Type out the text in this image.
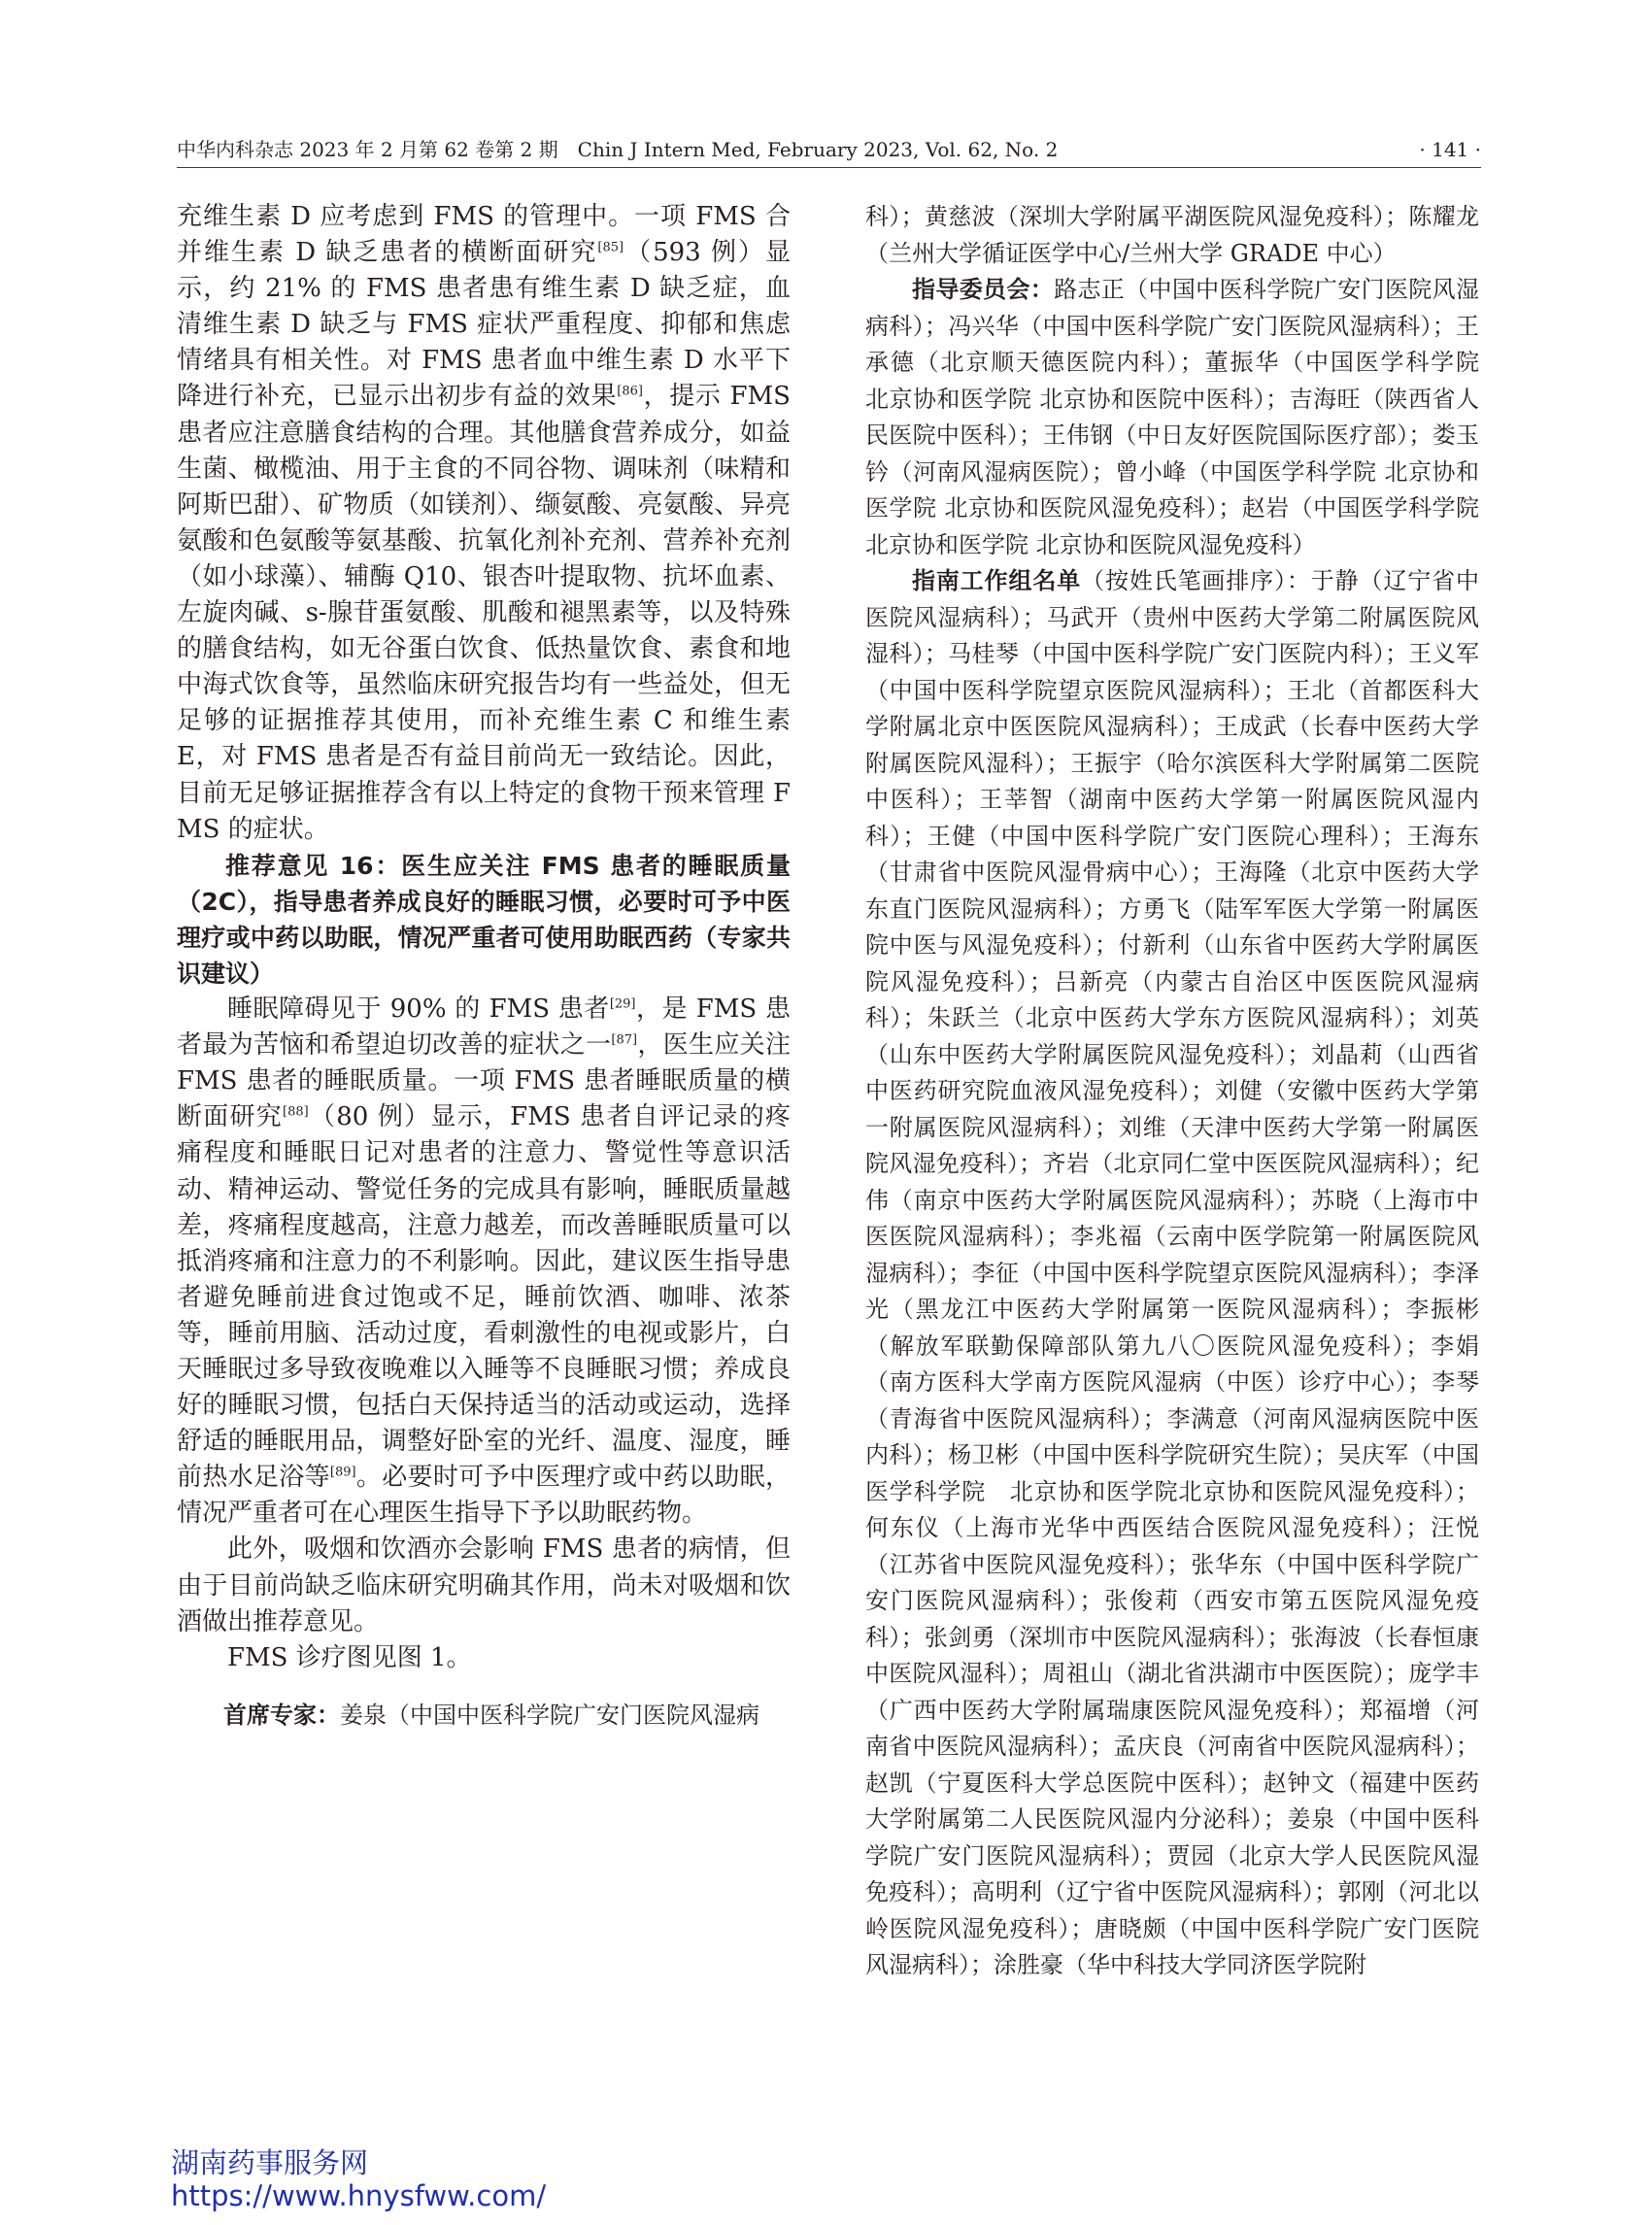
中华内科杂志 2023 年 2 月第 62 卷第 2 期　Chin J Intern Med, February 2023, Vol. 62, No. 2	· 141 ·

充维生素 D 应考虑到 FMS 的管理中。一项 FMS 合并维生素 D 缺乏患者的横断面研究[85]（593 例）显示，约 21% 的 FMS 患者患有维生素 D 缺乏症，血清维生素 D 缺乏与 FMS 症状严重程度、抑郁和焦虑情绪具有相关性。对 FMS 患者血中维生素 D 水平下降进行补充，已显示出初步有益的效果[86]，提示 FMS 患者应注意膳食结构的合理。其他膳食营养成分，如益生菌、橄榄油、用于主食的不同谷物、调味剂（味精和阿斯巴甜）、矿物质（如镁剂）、缬氨酸、亮氨酸、异亮氨酸和色氨酸等氨基酸、抗氧化剂补充剂、营养补充剂（如小球藻）、辅酶 Q10、银杏叶提取物、抗坏血素、左旋肉碱、s-腺苷蛋氨酸、肌酸和褪黑素等，以及特殊的膳食结构，如无谷蛋白饮食、低热量饮食、素食和地中海式饮食等，虽然临床研究报告均有一些益处，但无足够的证据推荐其使用，而补充维生素 C 和维生素 E，对 FMS 患者是否有益目前尚无一致结论。因此，目前无足够证据推荐含有以上特定的食物干预来管理 FMS 的症状。

推荐意见 16：医生应关注 FMS 患者的睡眠质量（2C），指导患者养成良好的睡眠习惯，必要时可予中医理疗或中药以助眠，情况严重者可使用助眠西药（专家共识建议）

睡眠障碍见于 90% 的 FMS 患者[29]，是 FMS 患者最为苦恼和希望迫切改善的症状之一[87]，医生应关注 FMS 患者的睡眠质量。一项 FMS 患者睡眠质量的横断面研究[88]（80 例）显示，FMS 患者自评记录的疼痛程度和睡眠日记对患者的注意力、警觉性等意识活动、精神运动、警觉任务的完成具有影响，睡眠质量越差，疼痛程度越高，注意力越差，而改善睡眠质量可以抵消疼痛和注意力的不利影响。因此，建议医生指导患者避免睡前进食过饱或不足，睡前饮酒、咖啡、浓茶等，睡前用脑、活动过度，看刺激性的电视或影片，白天睡眠过多导致夜晚难以入睡等不良睡眠习惯；养成良好的睡眠习惯，包括白天保持适当的活动或运动，选择舒适的睡眠用品，调整好卧室的光纤、温度、湿度，睡前热水足浴等[89]。必要时可予中医理疗或中药以助眠，情况严重者可在心理医生指导下予以助眠药物。

此外，吸烟和饮酒亦会影响 FMS 患者的病情，但由于目前尚缺乏临床研究明确其作用，尚未对吸烟和饮酒做出推荐意见。

FMS 诊疗图见图 1。

首席专家：姜泉（中国中医科学院广安门医院风湿病

科）；黄慈波（深圳大学附属平湖医院风湿免疫科）；陈耀龙（兰州大学循证医学中心/兰州大学 GRADE 中心）

指导委员会：路志正（中国中医科学院广安门医院风湿病科）；冯兴华（中国中医科学院广安门医院风湿病科）；王承德（北京顺天德医院内科）；董振华（中国医学科学院　北京协和医学院 北京协和医院中医科）；吉海旺（陕西省人民医院中医科）；王伟钢（中日友好医院国际医疗部）；娄玉钤（河南风湿病医院）；曾小峰（中国医学科学院 北京协和医学院 北京协和医院风湿免疫科）；赵岩（中国医学科学院 北京协和医学院 北京协和医院风湿免疫科）

指南工作组名单（按姓氏笔画排序）：于静（辽宁省中医院风湿病科）；马武开（贵州中医药大学第二附属医院风湿科）；马桂琴（中国中医科学院广安门医院内科）；王义军（中国中医科学院望京医院风湿病科）；王北（首都医科大学附属北京中医医院风湿病科）；王成武（长春中医药大学附属医院风湿科）；王振宇（哈尔滨医科大学附属第二医院中医科）；王莘智（湖南中医药大学第一附属医院风湿内科）；王健（中国中医科学院广安门医院心理科）；王海东（甘肃省中医院风湿骨病中心）；王海隆（北京中医药大学东直门医院风湿病科）；方勇飞（陆军军医大学第一附属医院中医与风湿免疫科）；付新利（山东省中医药大学附属医院风湿免疫科）；吕新亮（内蒙古自治区中医医院风湿病科）；朱跃兰（北京中医药大学东方医院风湿病科）；刘英（山东中医药大学附属医院风湿免疫科）；刘晶莉（山西省中医药研究院血液风湿免疫科）；刘健（安徽中医药大学第一附属医院风湿病科）；刘维（天津中医药大学第一附属医院风湿免疫科）；齐岩（北京同仁堂中医医院风湿病科）；纪伟（南京中医药大学附属医院风湿病科）；苏晓（上海市中医医院风湿病科）；李兆福（云南中医学院第一附属医院风湿病科）；李征（中国中医科学院望京医院风湿病科）；李泽光（黑龙江中医药大学附属第一医院风湿病科）；李振彬（解放军联勤保障部队第九八〇医院风湿免疫科）；李娟（南方医科大学南方医院风湿病（中医）诊疗中心）；李琴（青海省中医院风湿病科）；李满意（河南风湿病医院中医内科）；杨卫彬（中国中医科学院研究生院）；吴庆军（中国医学科学院　北京协和医学院北京协和医院风湿免疫科）；何东仪（上海市光华中西医结合医院风湿免疫科）；汪悦（江苏省中医院风湿免疫科）；张华东（中国中医科学院广安门医院风湿病科）；张俊莉（西安市第五医院风湿免疫科）；张剑勇（深圳市中医院风湿病科）；张海波（长春恒康中医院风湿科）；周祖山（湖北省洪湖市中医医院）；庞学丰（广西中医药大学附属瑞康医院风湿免疫科）；郑福增（河南省中医院风湿病科）；孟庆良（河南省中医院风湿病科）；赵凯（宁夏医科大学总医院中医科）；赵钟文（福建中医药大学附属第二人民医院风湿内分泌科）；姜泉（中国中医科学院广安门医院风湿病科）；贾园（北京大学人民医院风湿免疫科）；高明利（辽宁省中医院风湿病科）；郭刚（河北以岭医院风湿免疫科）；唐晓颇（中国中医科学院广安门医院风湿病科）；涂胜豪（华中科技大学同济医学院附

湖南药事服务网
https://www.hnysfww.com/
